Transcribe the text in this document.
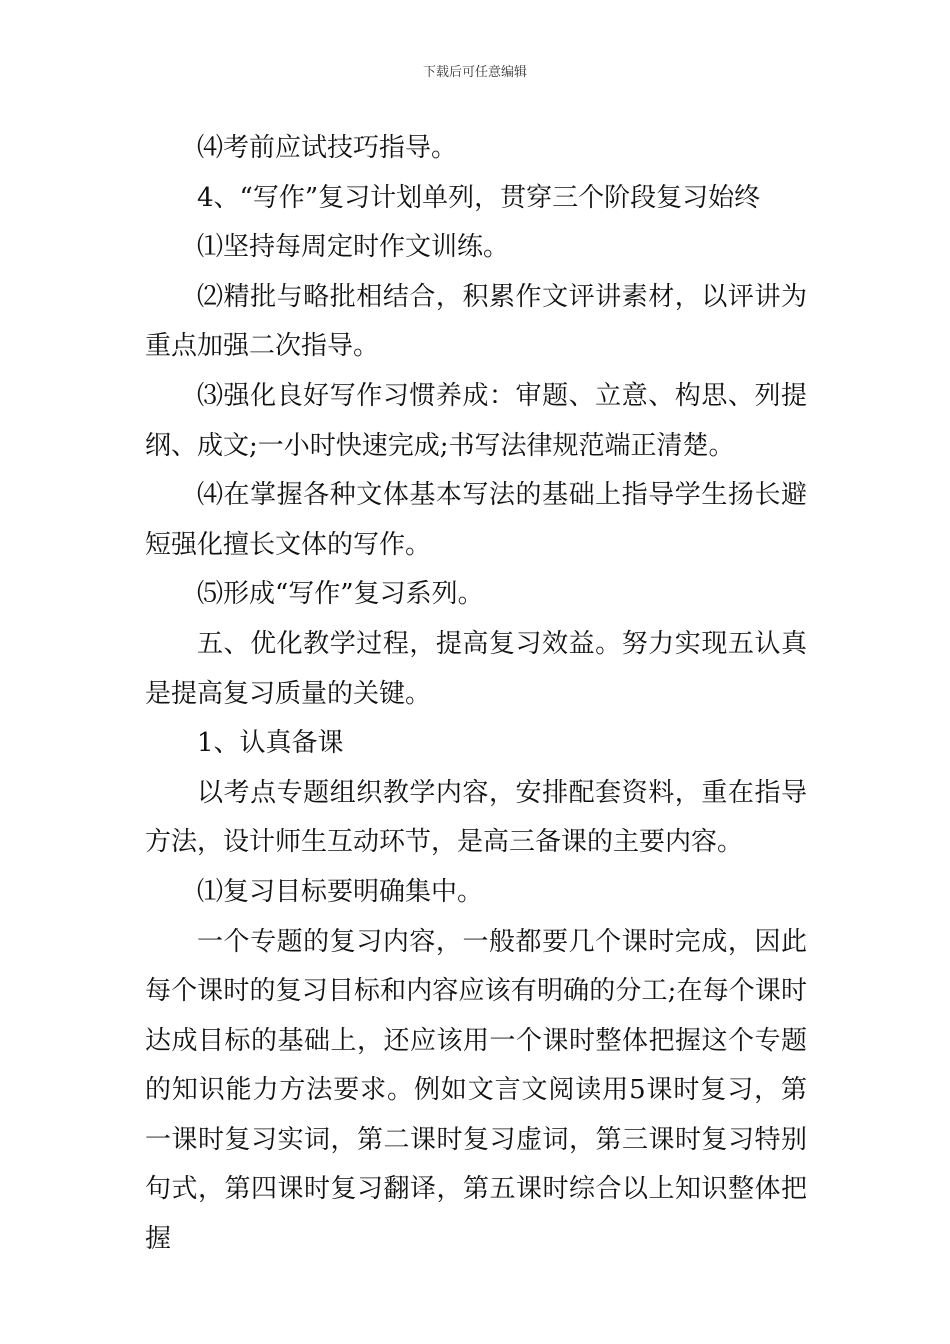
下载后可任意编辑

⑷考前应试技巧指导。

4、“写作”复习计划单列，贯穿三个阶段复习始终

⑴坚持每周定时作文训练。

⑵精批与略批相结合，积累作文评讲素材，以评讲为重点加强二次指导。

⑶强化良好写作习惯养成：审题、立意、构思、列提纲、成文;一小时快速完成;书写法律规范端正清楚。

⑷在掌握各种文体基本写法的基础上指导学生扬长避短强化擅长文体的写作。

⑸形成“写作”复习系列。

五、优化教学过程，提高复习效益。努力实现五认真是提高复习质量的关键。

1、认真备课

以考点专题组织教学内容，安排配套资料，重在指导方法，设计师生互动环节，是高三备课的主要内容。

⑴复习目标要明确集中。

一个专题的复习内容，一般都要几个课时完成，因此每个课时的复习目标和内容应该有明确的分工;在每个课时达成目标的基础上，还应该用一个课时整体把握这个专题的知识能力方法要求。例如文言文阅读用5课时复习，第一课时复习实词，第二课时复习虚词，第三课时复习特别句式，第四课时复习翻译，第五课时综合以上知识整体把握
